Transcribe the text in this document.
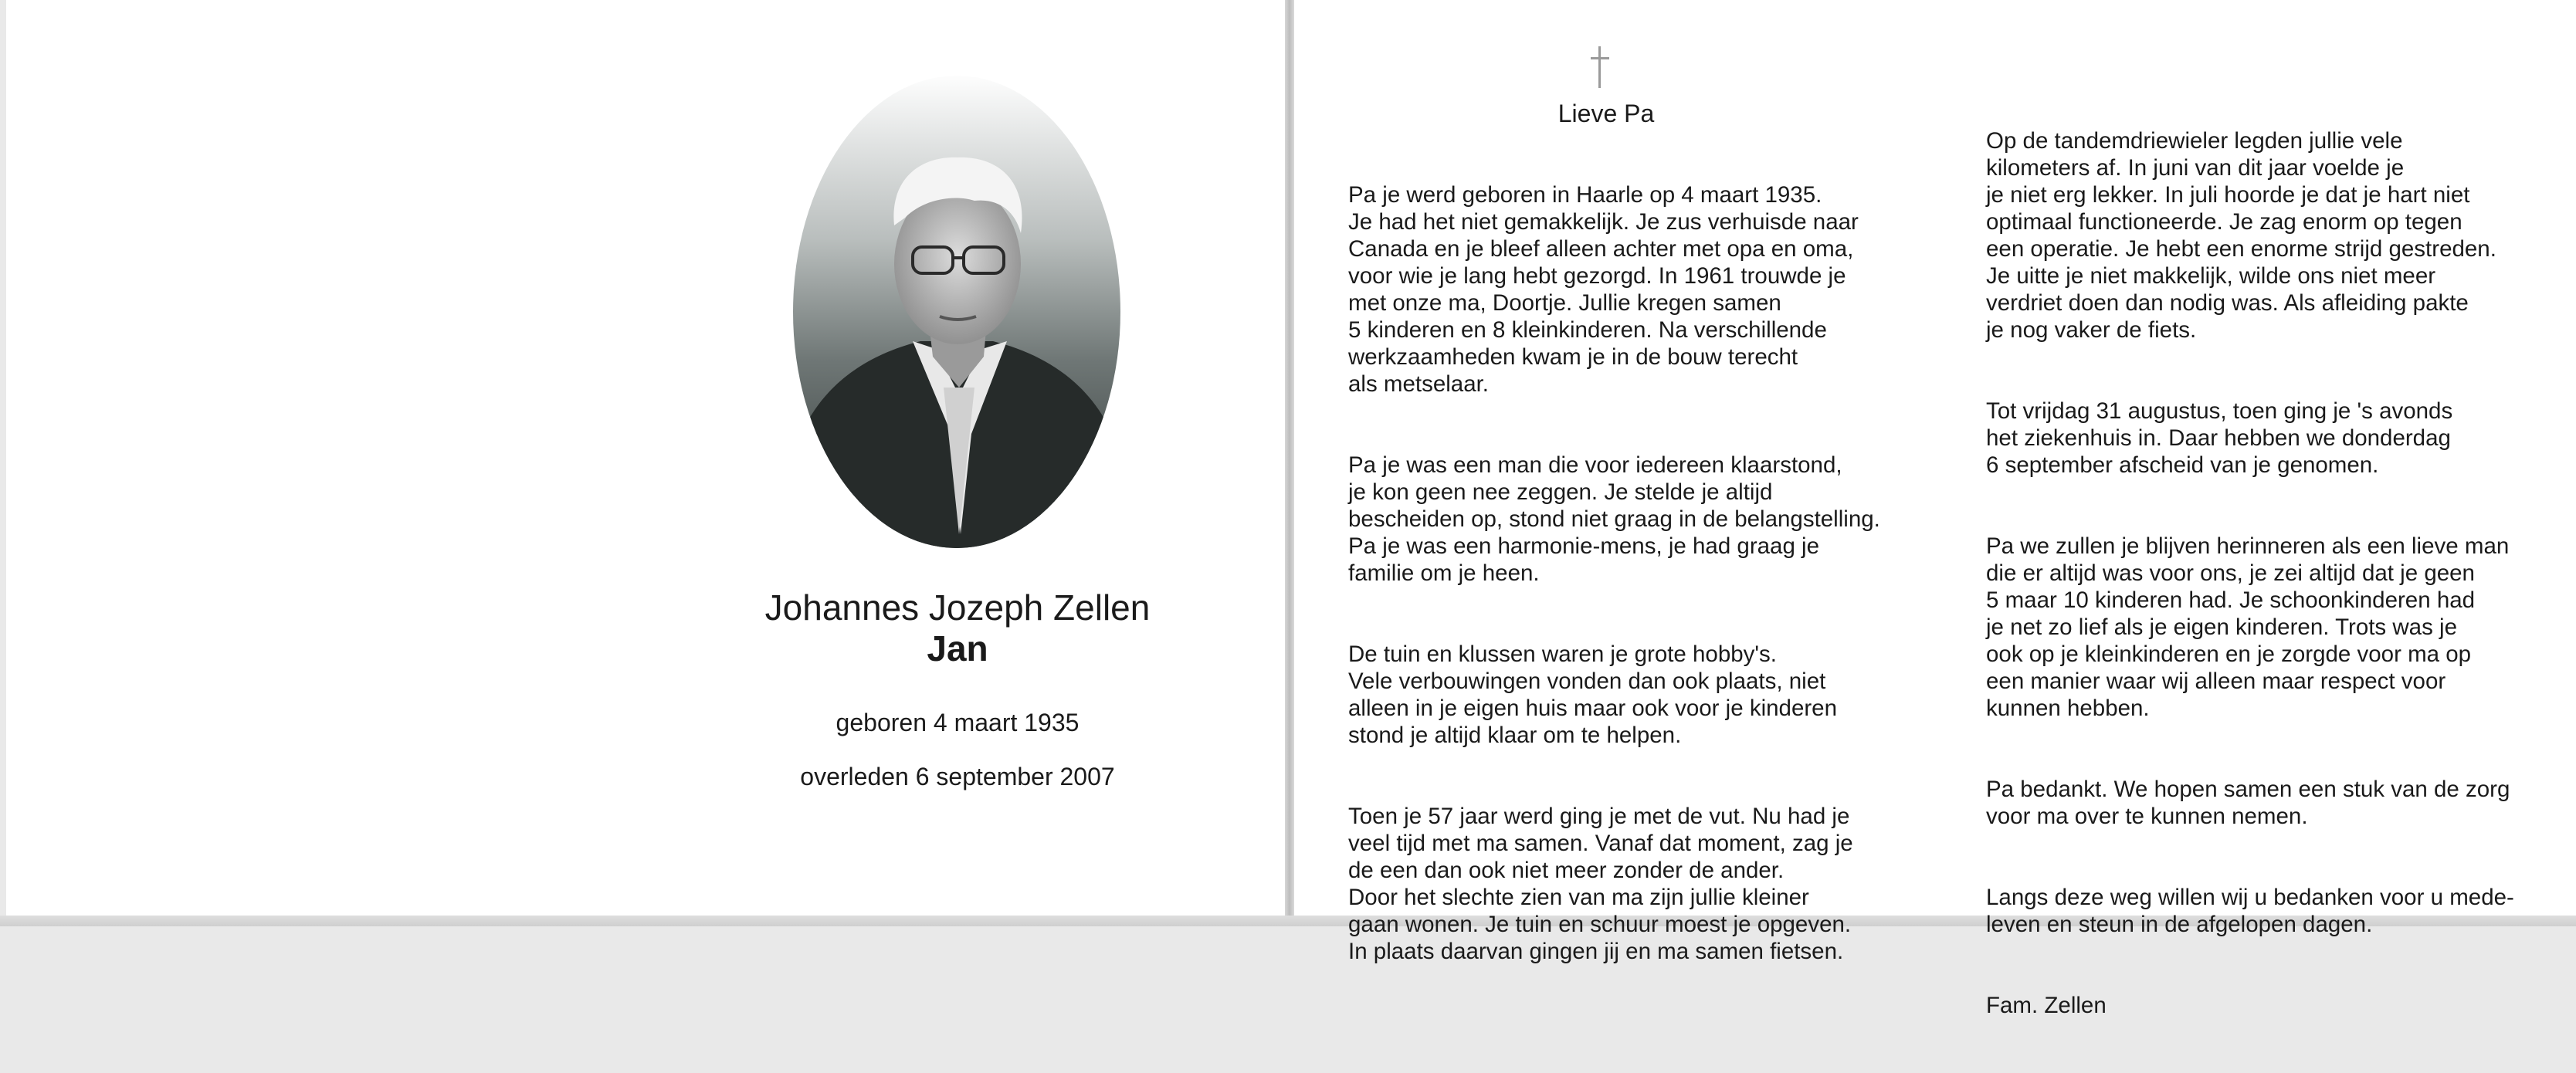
Johannes Jozeph Zellen
Jan
geboren 4 maart 1935
overleden 6 september 2007
Lieve Pa

Pa je werd geboren in Haarle op 4 maart 1935.
Je had het niet gemakkelijk. Je zus verhuisde naar
Canada en je bleef alleen achter met opa en oma,
voor wie je lang hebt gezorgd. In 1961 trouwde je
met onze ma, Doortje. Jullie kregen samen
5 kinderen en 8 kleinkinderen. Na verschillende
werkzaamheden kwam je in de bouw terecht
als metselaar.

Pa je was een man die voor iedereen klaarstond,
je kon geen nee zeggen. Je stelde je altijd
bescheiden op, stond niet graag in de belangstelling.
Pa je was een harmonie-mens, je had graag je
familie om je heen.

De tuin en klussen waren je grote hobby's.
Vele verbouwingen vonden dan ook plaats, niet
alleen in je eigen huis maar ook voor je kinderen
stond je altijd klaar om te helpen.

Toen je 57 jaar werd ging je met de vut. Nu had je
veel tijd met ma samen. Vanaf dat moment, zag je
de een dan ook niet meer zonder de ander.
Door het slechte zien van ma zijn jullie kleiner
gaan wonen. Je tuin en schuur moest je opgeven.
In plaats daarvan gingen jij en ma samen fietsen.

Op de tandemdriewieler legden jullie vele
kilometers af. In juni van dit jaar voelde je
je niet erg lekker. In juli hoorde je dat je hart niet
optimaal functioneerde. Je zag enorm op tegen
een operatie. Je hebt een enorme strijd gestreden.
Je uitte je niet makkelijk, wilde ons niet meer
verdriet doen dan nodig was. Als afleiding pakte
je nog vaker de fiets.

Tot vrijdag 31 augustus, toen ging je 's avonds
het ziekenhuis in. Daar hebben we donderdag
6 september afscheid van je genomen.

Pa we zullen je blijven herinneren als een lieve man
die er altijd was voor ons, je zei altijd dat je geen
5 maar 10 kinderen had. Je schoonkinderen had
je net zo lief als je eigen kinderen. Trots was je
ook op je kleinkinderen en je zorgde voor ma op
een manier waar wij alleen maar respect voor
kunnen hebben.

Pa bedankt. We hopen samen een stuk van de zorg
voor ma over te kunnen nemen.

Langs deze weg willen wij u bedanken voor u mede-
leven en steun in de afgelopen dagen.

Fam. Zellen
